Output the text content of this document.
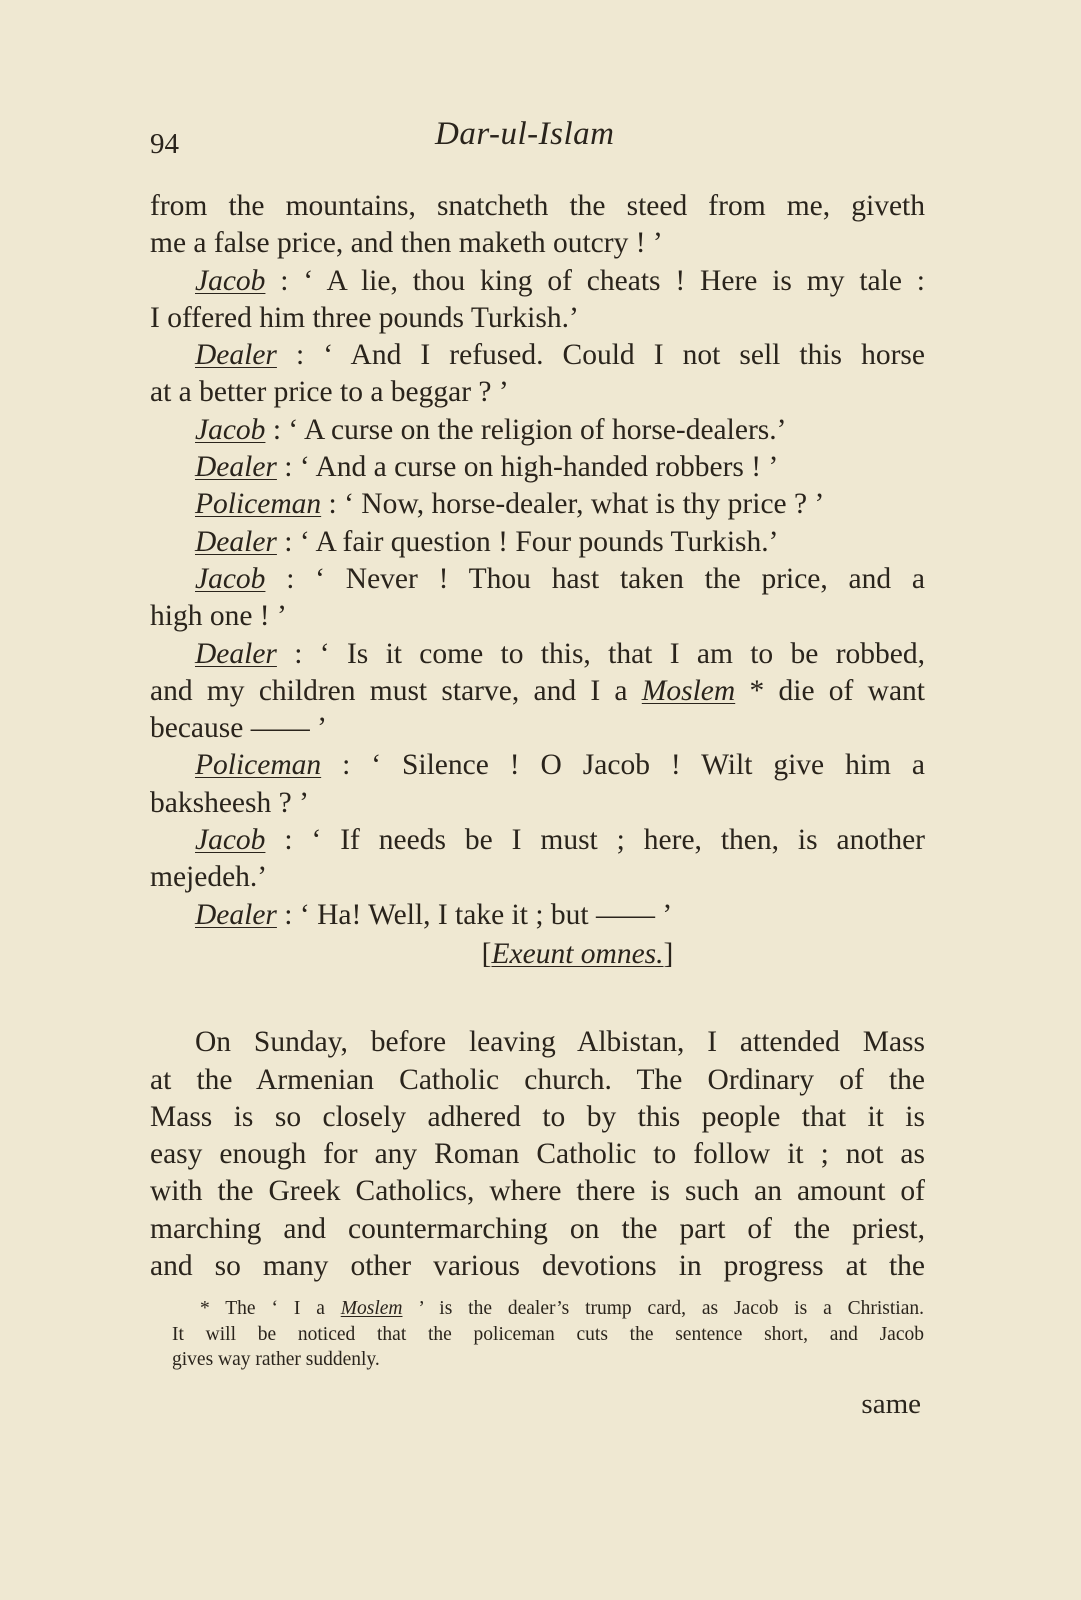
94	Dar-ul-Islam
from the mountains, snatcheth the steed from me, giveth
me a false price, and then maketh outcry ! ’
Jacob : ‘ A lie, thou king of cheats ! Here is my tale :
I offered him three pounds Turkish.’
Dealer : ‘ And I refused. Could I not sell this horse
at a better price to a beggar ? ’
Jacob : ‘ A curse on the religion of horse-dealers.’
Dealer : ‘ And a curse on high-handed robbers ! ’
Policeman : ‘ Now, horse-dealer, what is thy price ? ’
Dealer : ‘ A fair question ! Four pounds Turkish.’
Jacob : ‘ Never ! Thou hast taken the price, and a
high one ! ’
Dealer : ‘ Is it come to this, that I am to be robbed,
and my children must starve, and I a Moslem * die of want
because —— ’
Policeman : ‘ Silence ! O Jacob ! Wilt give him a
baksheesh ? ’
Jacob : ‘ If needs be I must ; here, then, is another
mejedeh.’
Dealer : ‘ Ha! Well, I take it ; but —— ’
[Exeunt omnes.]
On Sunday, before leaving Albistan, I attended Mass
at the Armenian Catholic church. The Ordinary of the
Mass is so closely adhered to by this people that it is
easy enough for any Roman Catholic to follow it ; not as
with the Greek Catholics, where there is such an amount of
marching and countermarching on the part of the priest,
and so many other various devotions in progress at the
* The ‘ I a Moslem ’ is the dealer’s trump card, as Jacob is a Christian.
It will be noticed that the policeman cuts the sentence short, and Jacob
gives way rather suddenly.
same
